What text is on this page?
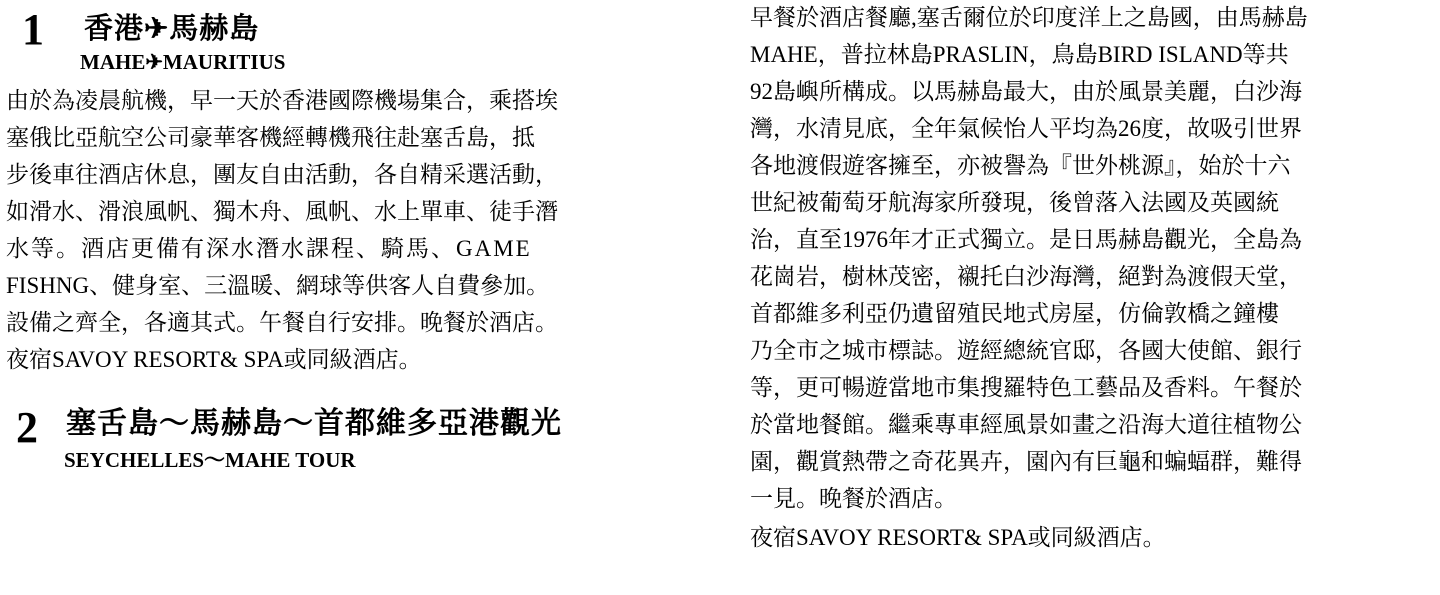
1 香港✈馬赫島
MAHE✈MAURITIUS
由於為凌晨航機，早一天於香港國際機場集合，乘搭埃
塞俄比亞航空公司豪華客機經轉機飛往赴塞舌島，抵
步後車往酒店休息，團友自由活動，各自精采選活動，
如滑水、滑浪風帆、獨木舟、風帆、水上單車、徒手潛
水等。酒店更備有深水潛水課程、騎馬、GAME
FISHNG、健身室、三溫暖、網球等供客人自費參加。
設備之齊全，各適其式。午餐自行安排。晚餐於酒店。
夜宿SAVOY RESORT& SPA或同級酒店。
2 塞舌島～馬赫島～首都維多亞港觀光
SEYCHELLES～MAHE TOUR
早餐於酒店餐廳,塞舌爾位於印度洋上之島國，由馬赫島
MAHE，普拉林島PRASLIN，鳥島BIRD ISLAND等共
92島嶼所構成。以馬赫島最大，由於風景美麗，白沙海
灣，水清見底，全年氣候怡人平均為26度，故吸引世界
各地渡假遊客擁至，亦被譽為『世外桃源』，始於十六
世紀被葡萄牙航海家所發現，後曾落入法國及英國統
治，直至1976年才正式獨立。是日馬赫島觀光，全島為
花崗岩，樹林茂密，襯托白沙海灣，絕對為渡假天堂，
首都維多利亞仍遺留殖民地式房屋，仿倫敦橋之鐘樓
乃全市之城市標誌。遊經總統官邸，各國大使館、銀行
等，更可暢遊當地市集搜羅特色工藝品及香料。午餐於
於當地餐館。繼乘專車經風景如畫之沿海大道往植物公
園，觀賞熱帶之奇花異卉，園內有巨龜和蝙蝠群，難得
一見。晚餐於酒店。
夜宿SAVOY RESORT& SPA或同級酒店。
